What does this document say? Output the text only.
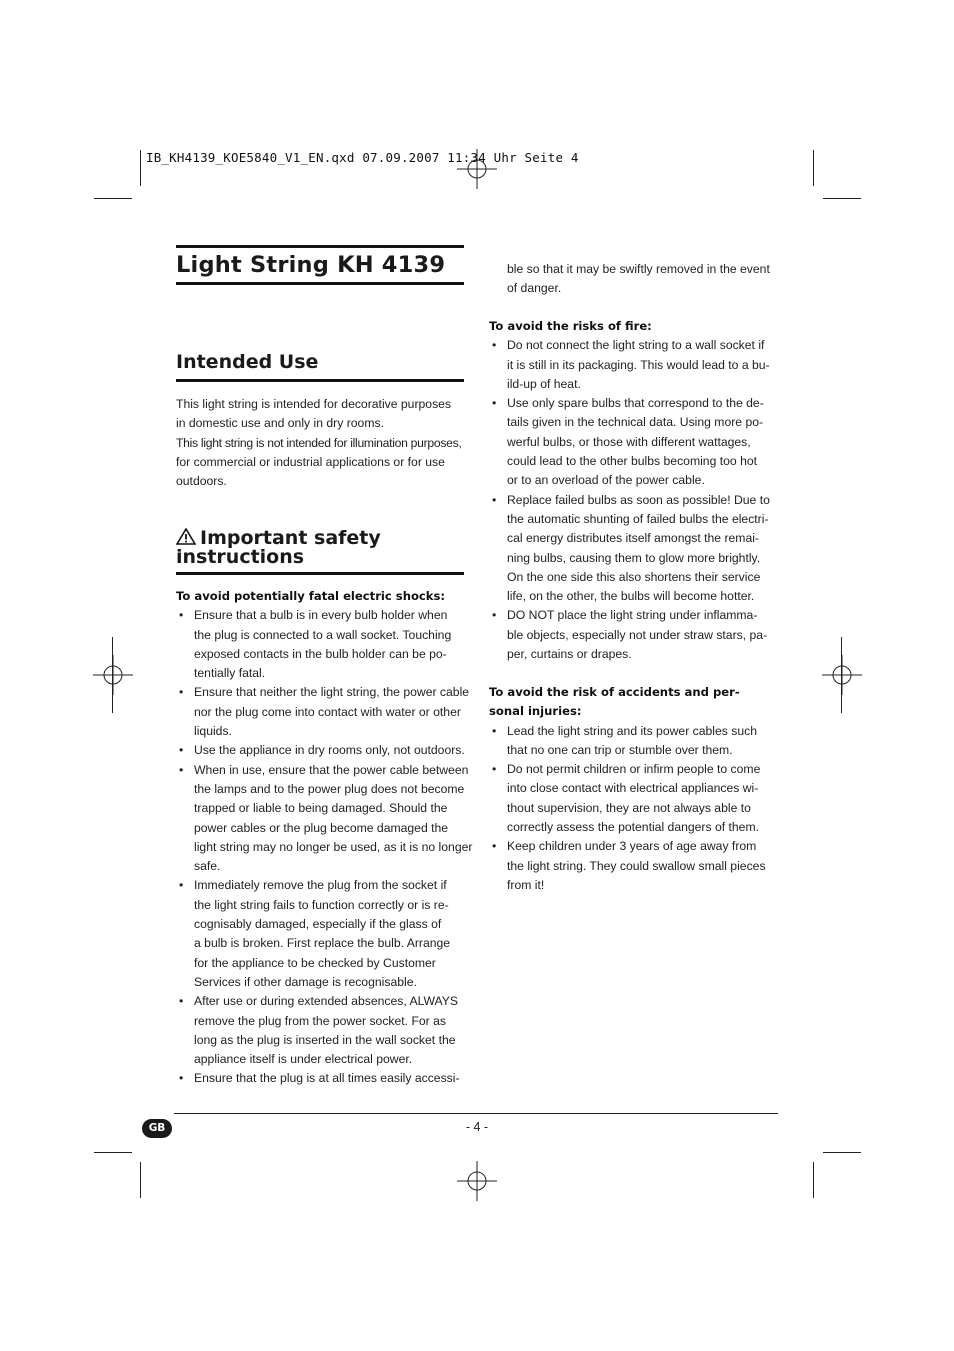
IB_KH4139_KOE5840_V1_EN.qxd 07.09.2007 11:34 Uhr Seite 4
Light String KH 4139
Intended Use

This light string is intended for decorative purposes

in domestic use and only in dry rooms.

This light string is not intended for illumination purposes,

for commercial or industrial applications or for use

outdoors.

Important safety
instructions

To avoid potentially fatal electric shocks:

• Ensure that a bulb is in every bulb holder when
the plug is connected to a wall socket. Touching
exposed contacts in the bulb holder can be po-
tentially fatal.
• Ensure that neither the light string, the power cable
nor the plug come into contact with water or other
liquids.
• Use the appliance in dry rooms only, not outdoors.
• When in use, ensure that the power cable between
the lamps and to the power plug does not become
trapped or liable to being damaged. Should the
power cables or the plug become damaged the
light string may no longer be used, as it is no longer
safe.
• Immediately remove the plug from the socket if
the light string fails to function correctly or is re-
cognisably damaged, especially if the glass of
a bulb is broken. First replace the bulb. Arrange
for the appliance to be checked by Customer
Services if other damage is recognisable.
• After use or during extended absences, ALWAYS
remove the plug from the power socket. For as
long as the plug is inserted in the wall socket the
appliance itself is under electrical power.
• Ensure that the plug is at all times easily accessi-

ble so that it may be swiftly removed in the event

of danger.

To avoid the risks of fire:

• Do not connect the light string to a wall socket if
it is still in its packaging. This would lead to a bu-
ild-up of heat.
• Use only spare bulbs that correspond to the de-
tails given in the technical data. Using more po-
werful bulbs, or those with different wattages,
could lead to the other bulbs becoming too hot
or to an overload of the power cable.
• Replace failed bulbs as soon as possible! Due to
the automatic shunting of failed bulbs the electri-
cal energy distributes itself amongst the remai-
ning bulbs, causing them to glow more brightly.
On the one side this also shortens their service
life, on the other, the bulbs will become hotter.
• DO NOT place the light string under inflamma-
ble objects, especially not under straw stars, pa-
per, curtains or drapes.

To avoid the risk of accidents and per-

sonal injuries:

• Lead the light string and its power cables such
that no one can trip or stumble over them.
• Do not permit children or infirm people to come
into close contact with electrical appliances wi-
thout supervision, they are not always able to
correctly assess the potential dangers of them.
• Keep children under 3 years of age away from
the light string. They could swallow small pieces
from it!
GB	- 4 -
